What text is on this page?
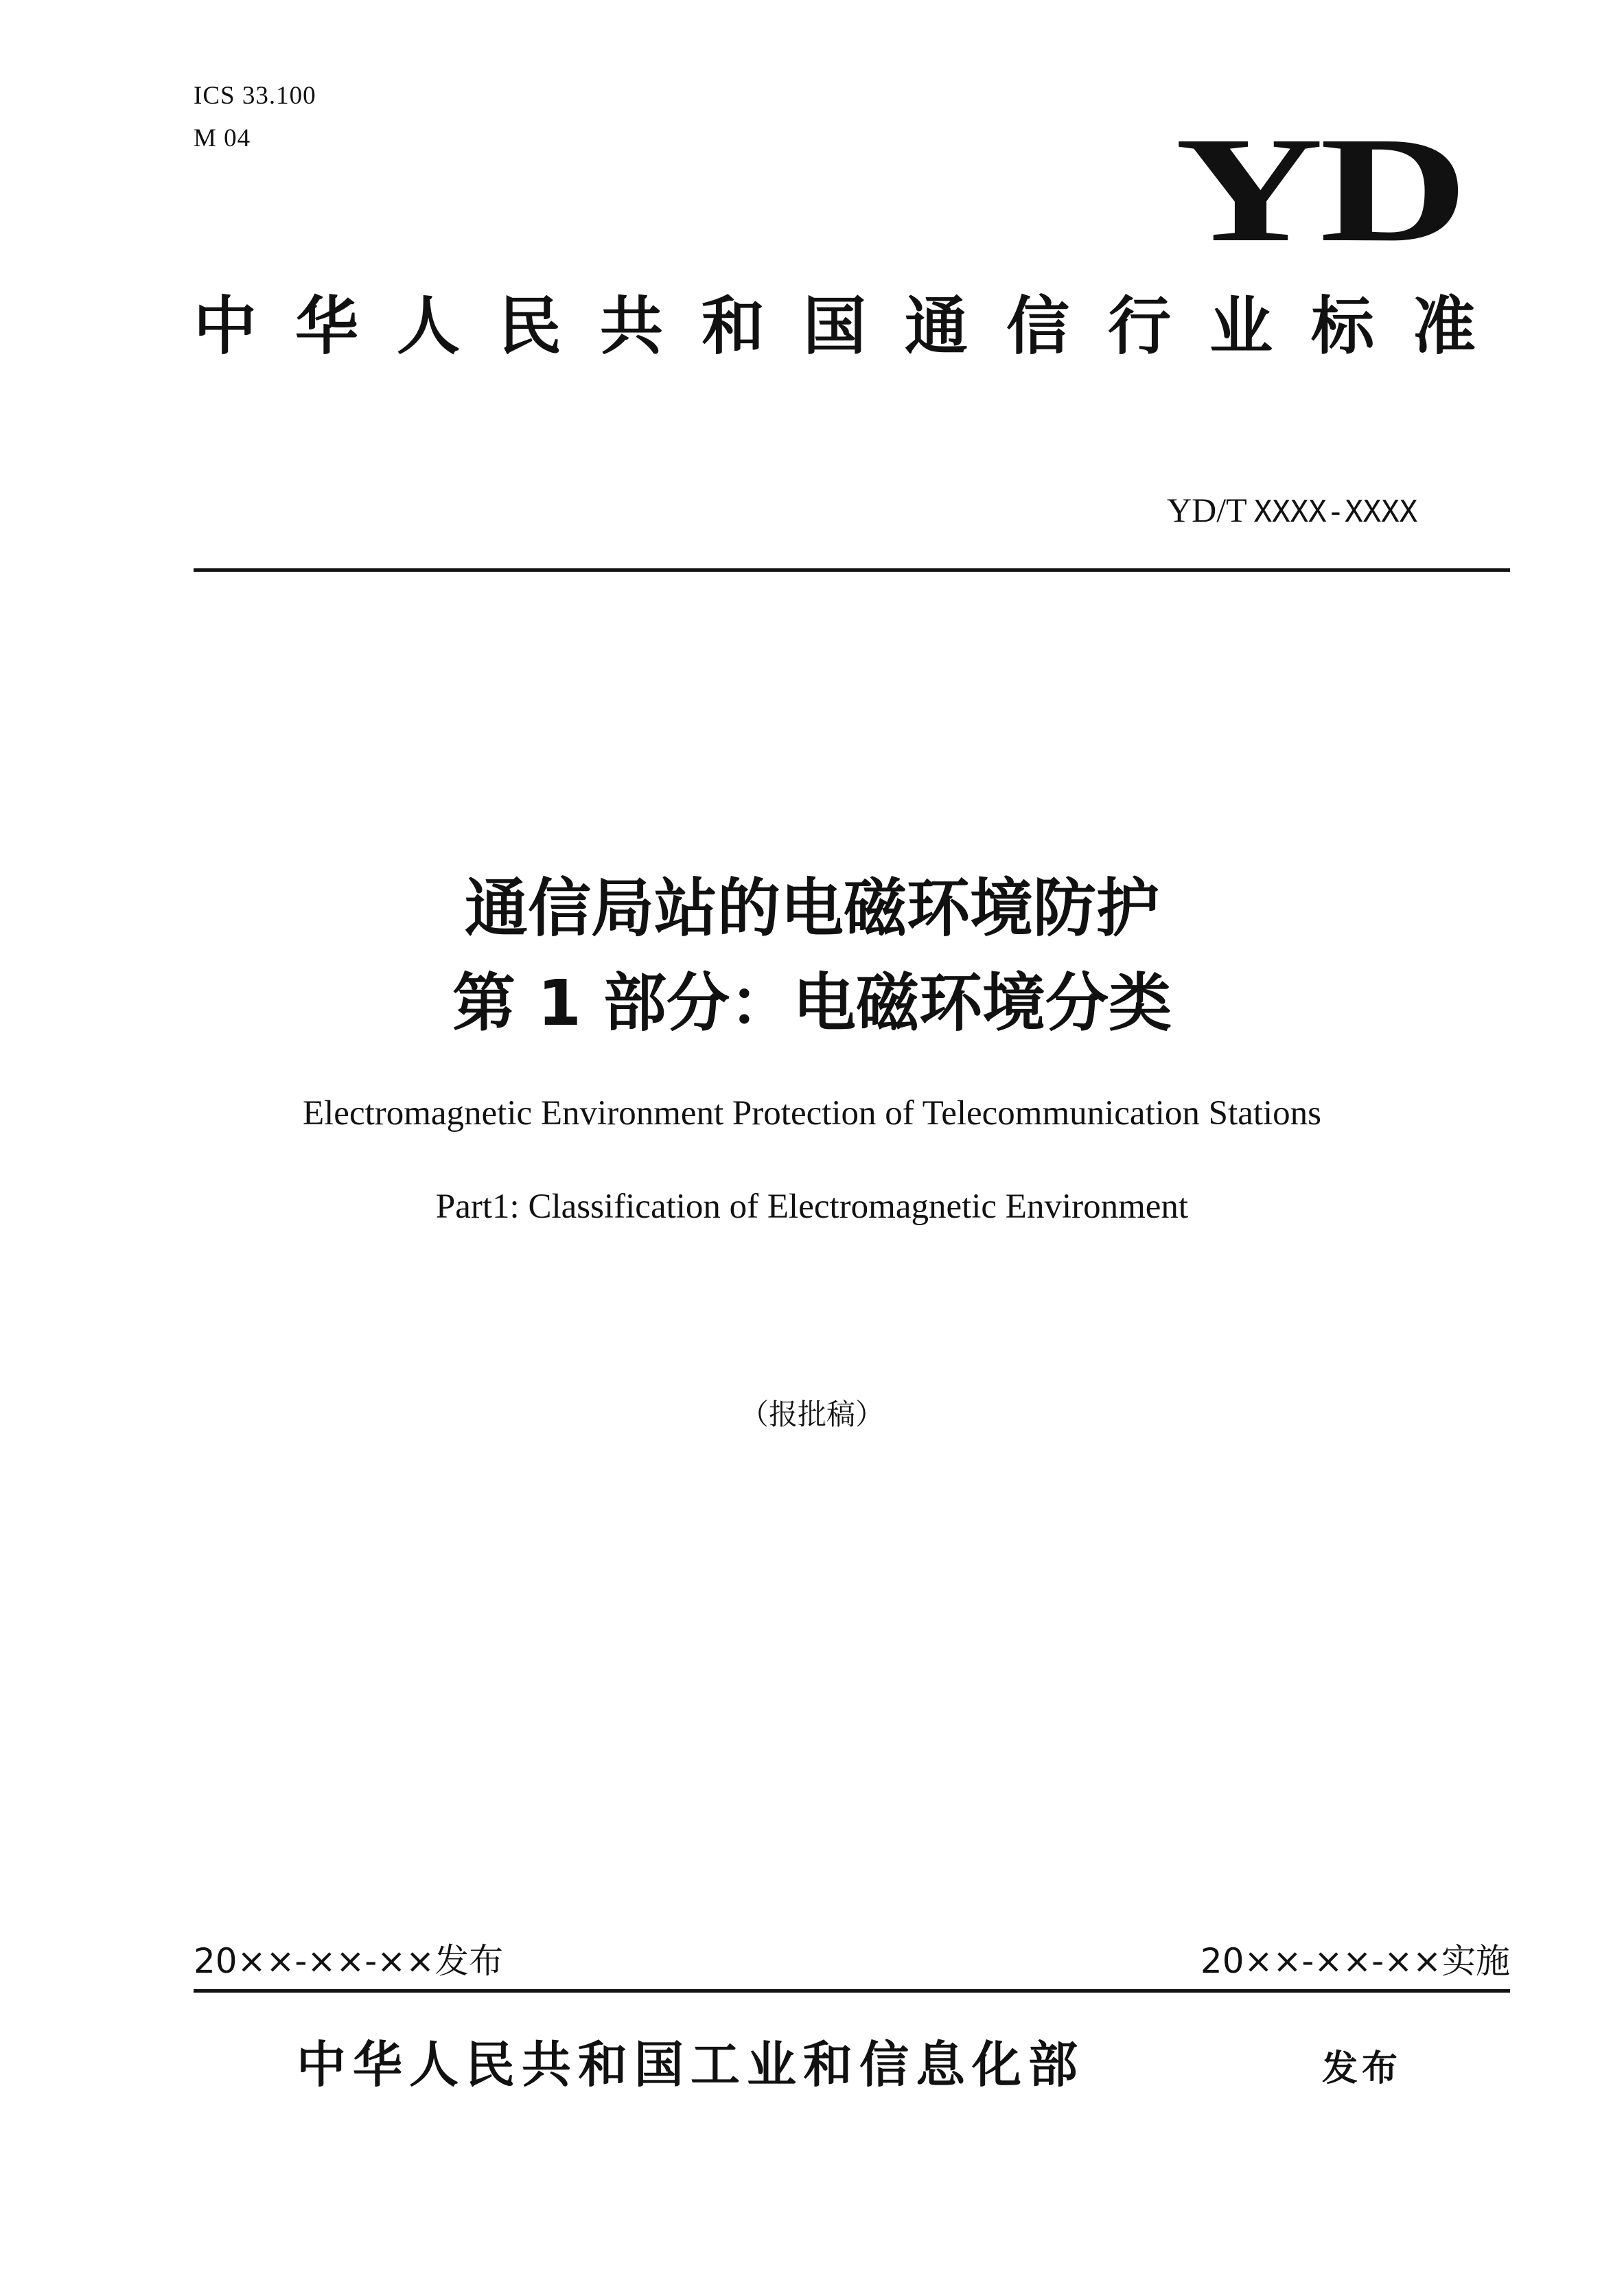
ICS 33.100
M 04	YD
中华人民共和国通信行业标准
YD/T XXXX-XXXX
通信局站的电磁环境防护
第 1 部分：电磁环境分类
Electromagnetic Environment Protection of Telecommunication Stations
Part1: Classification of Electromagnetic Environment
（报批稿）
20××-××-××发布	20××-××-××实施
中华人民共和国工业和信息化部	发布
